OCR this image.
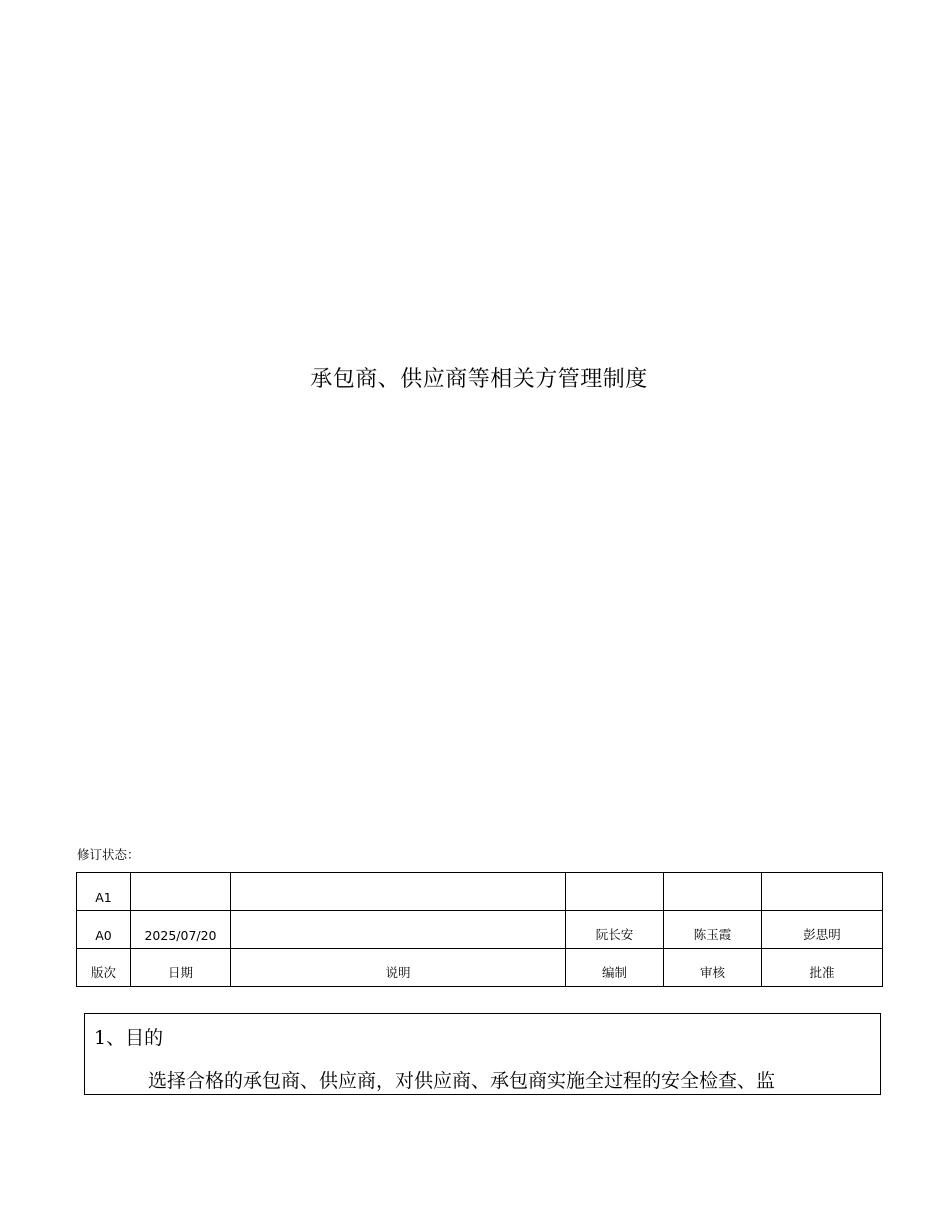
承包商、供应商等相关方管理制度
修订状态：
A1					
A0	2025/07/20		阮长安	陈玉霞	彭思明
版次	日期	说明	编制	审核	批准
1、目的
选择合格的承包商、供应商，对供应商、承包商实施全过程的安全检查、监
